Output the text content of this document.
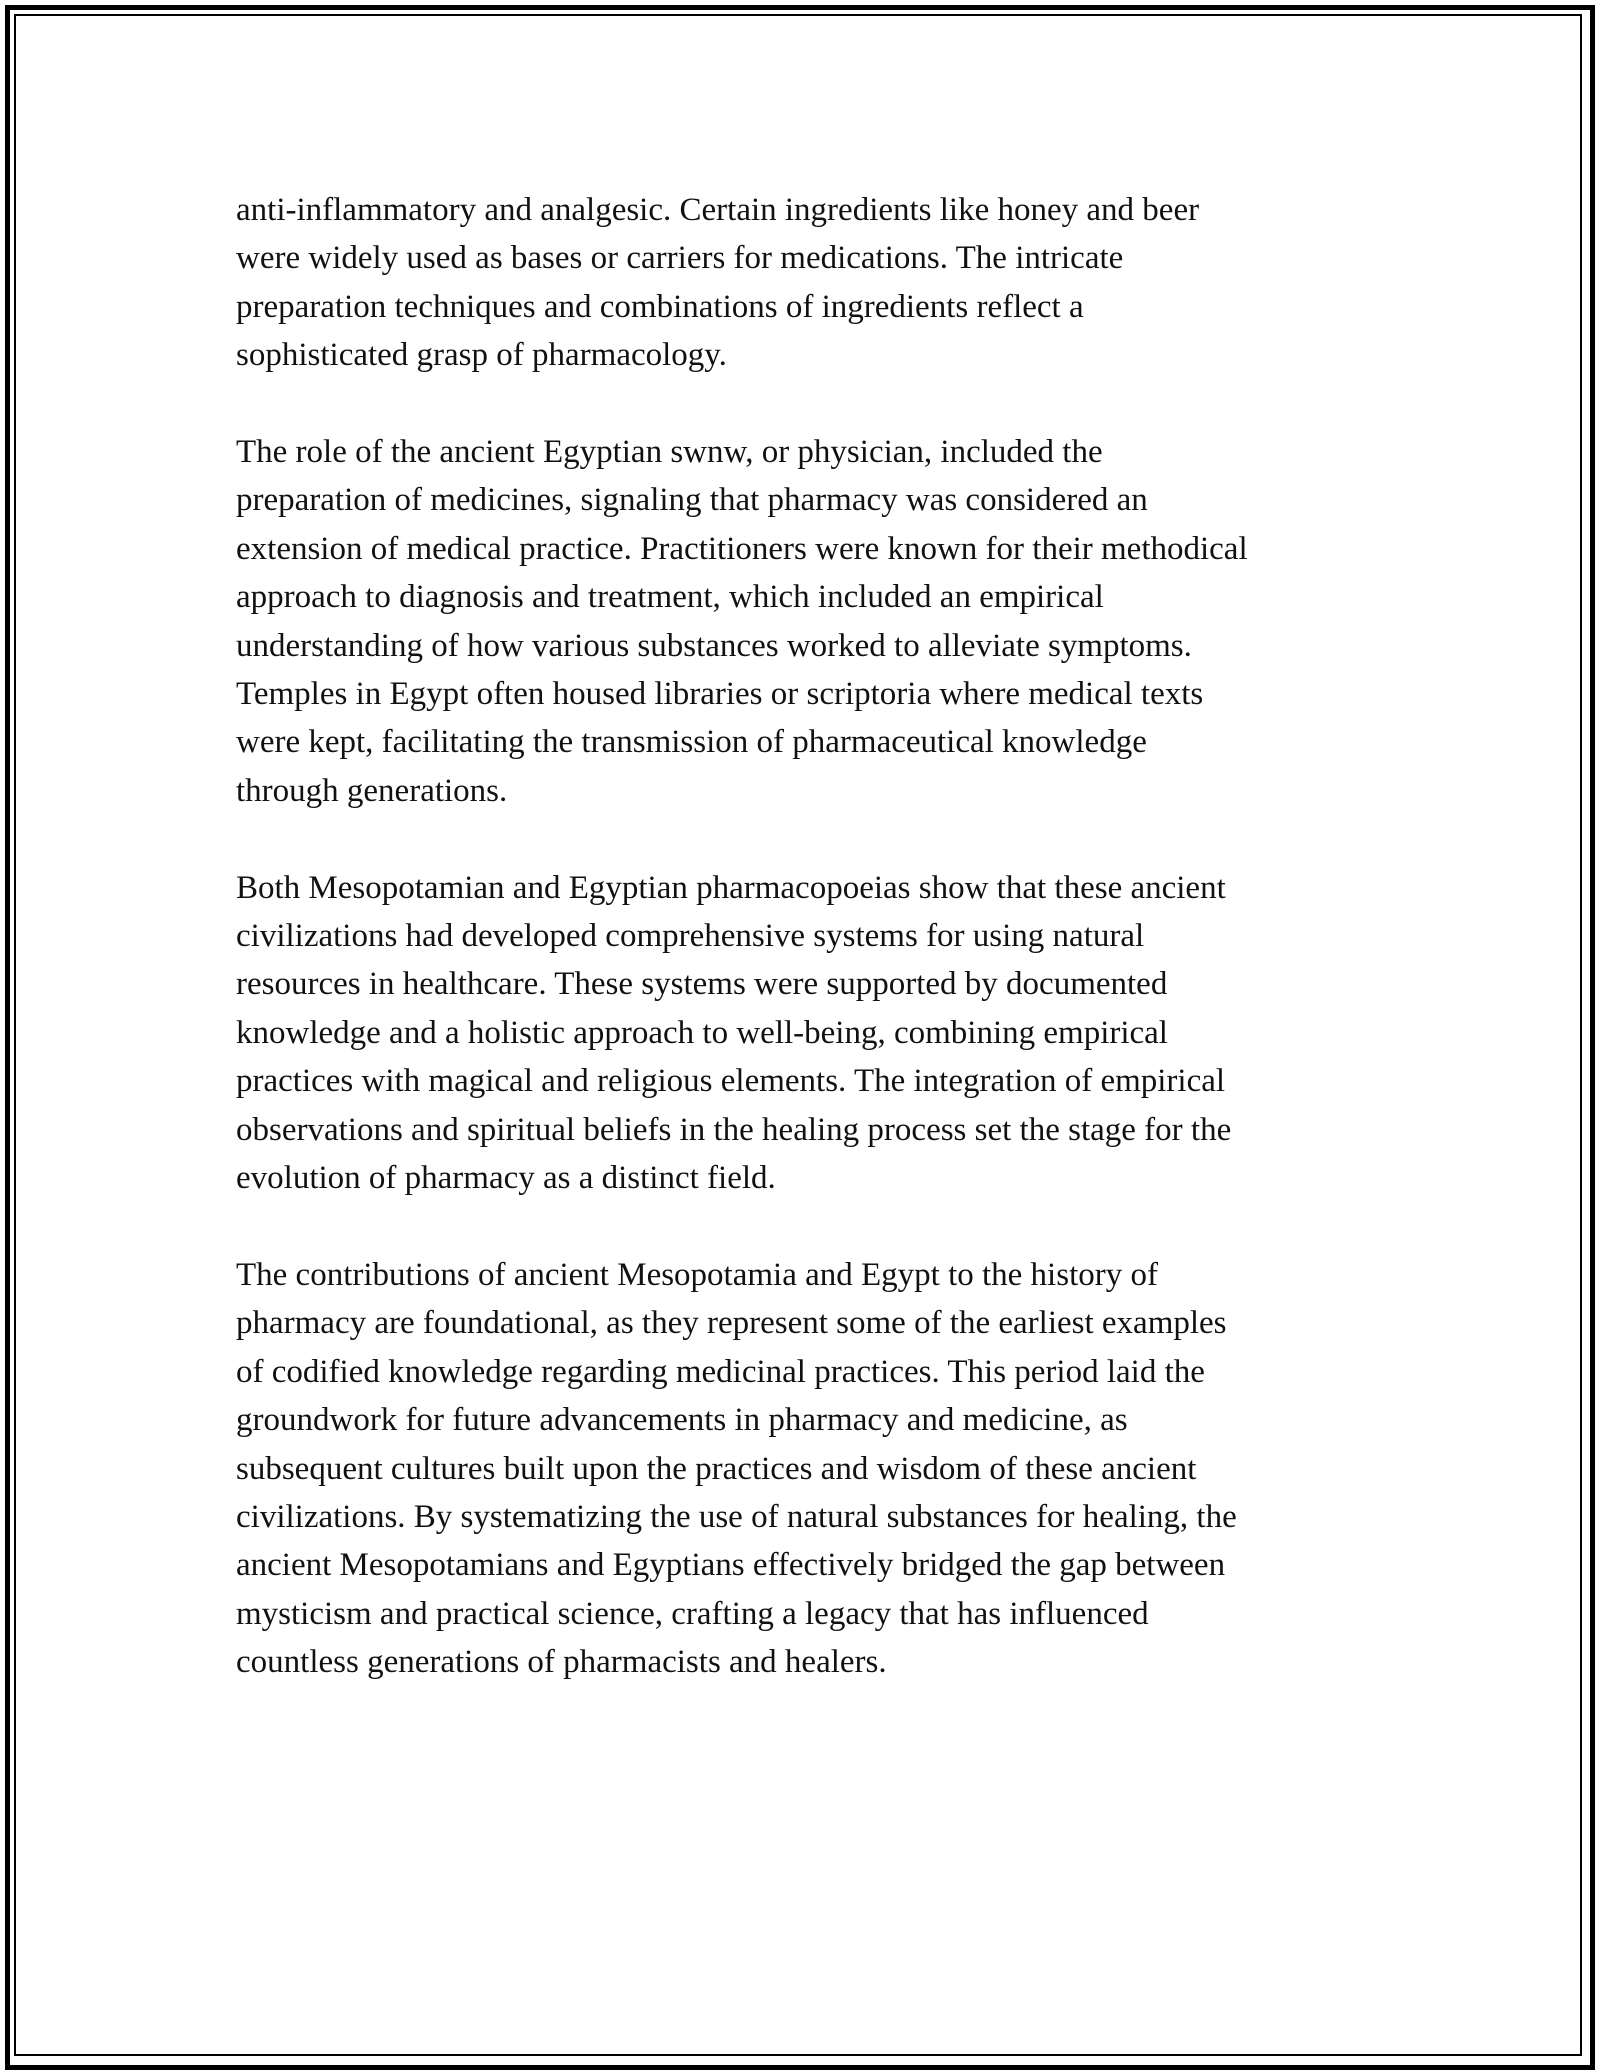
anti-inflammatory and analgesic. Certain ingredients like honey and beer
were widely used as bases or carriers for medications. The intricate
preparation techniques and combinations of ingredients reflect a
sophisticated grasp of pharmacology.

The role of the ancient Egyptian swnw, or physician, included the
preparation of medicines, signaling that pharmacy was considered an
extension of medical practice. Practitioners were known for their methodical
approach to diagnosis and treatment, which included an empirical
understanding of how various substances worked to alleviate symptoms.
Temples in Egypt often housed libraries or scriptoria where medical texts
were kept, facilitating the transmission of pharmaceutical knowledge
through generations.

Both Mesopotamian and Egyptian pharmacopoeias show that these ancient
civilizations had developed comprehensive systems for using natural
resources in healthcare. These systems were supported by documented
knowledge and a holistic approach to well-being, combining empirical
practices with magical and religious elements. The integration of empirical
observations and spiritual beliefs in the healing process set the stage for the
evolution of pharmacy as a distinct field.

The contributions of ancient Mesopotamia and Egypt to the history of
pharmacy are foundational, as they represent some of the earliest examples
of codified knowledge regarding medicinal practices. This period laid the
groundwork for future advancements in pharmacy and medicine, as
subsequent cultures built upon the practices and wisdom of these ancient
civilizations. By systematizing the use of natural substances for healing, the
ancient Mesopotamians and Egyptians effectively bridged the gap between
mysticism and practical science, crafting a legacy that has influenced
countless generations of pharmacists and healers.
